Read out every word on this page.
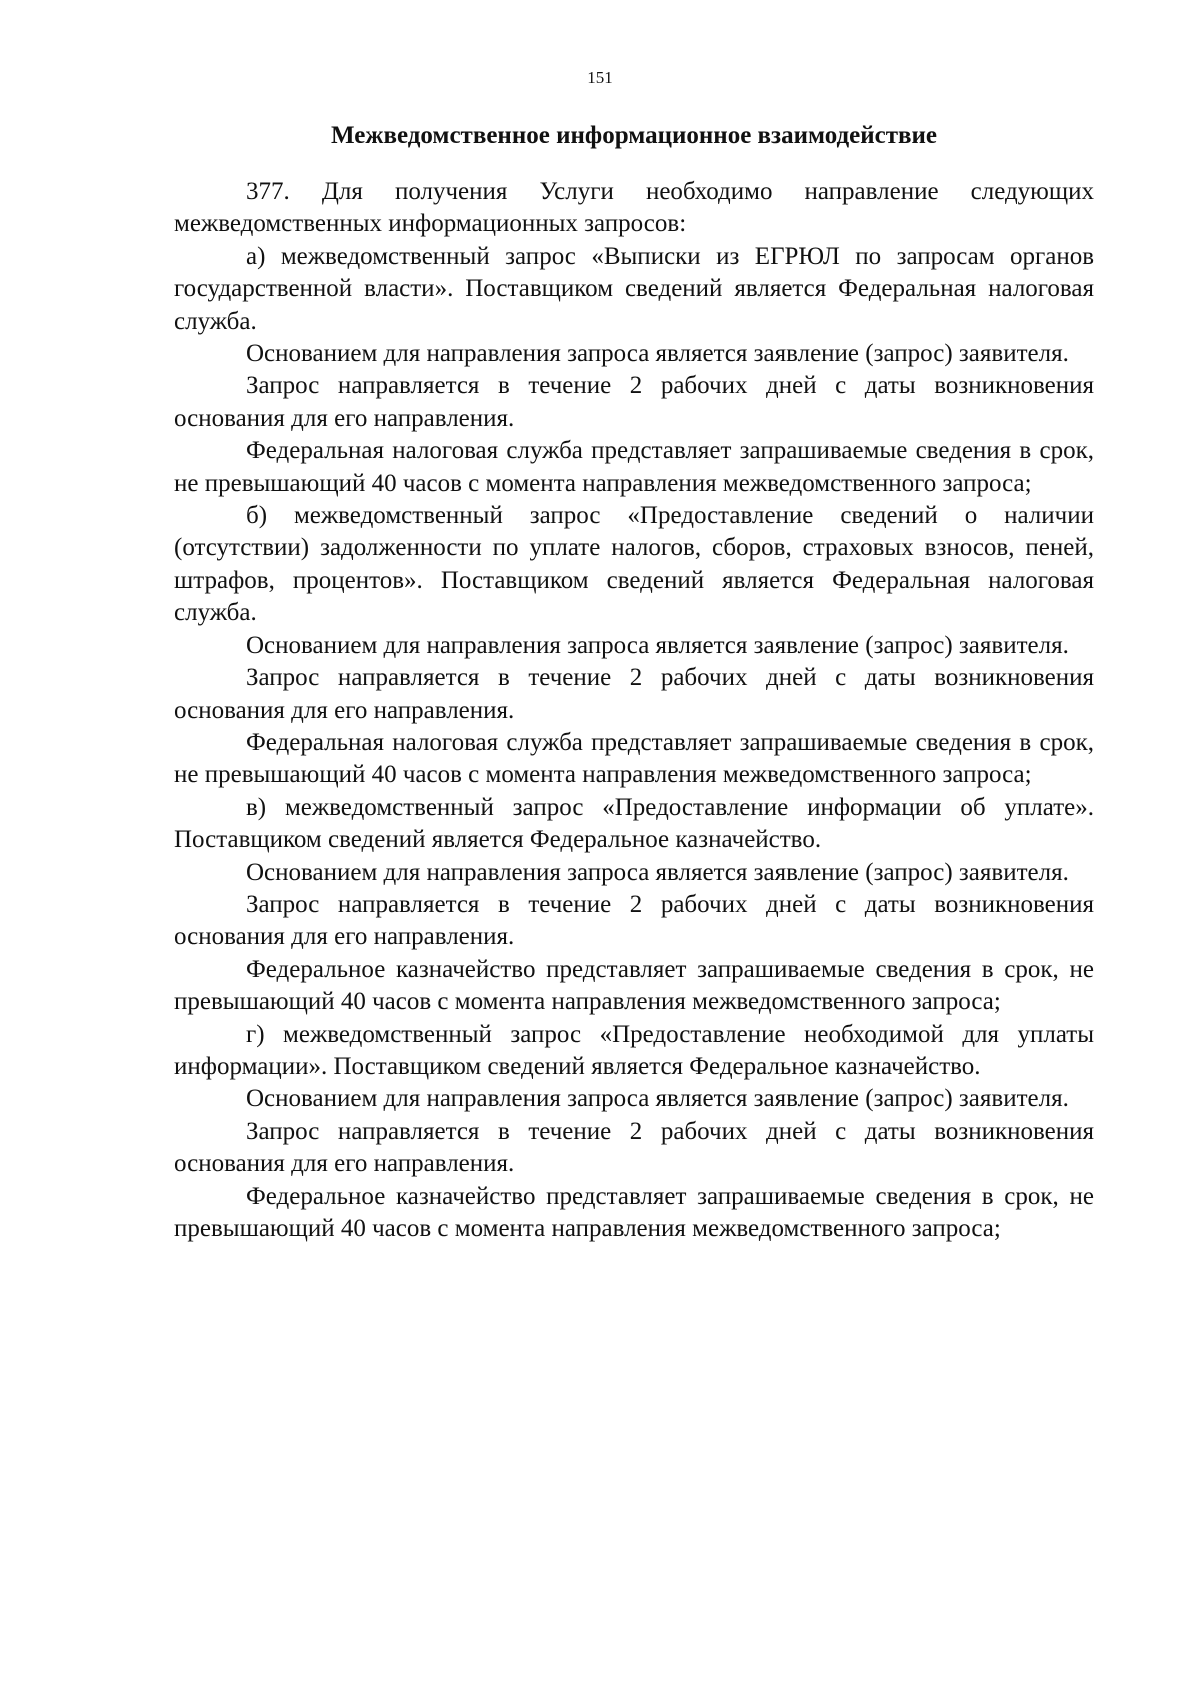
151
Межведомственное информационное взаимодействие

377. Для получения Услуги необходимо направление следующих межведомственных информационных запросов:

а) межведомственный запрос «Выписки из ЕГРЮЛ по запросам органов государственной власти». Поставщиком сведений является Федеральная налоговая служба.

Основанием для направления запроса является заявление (запрос) заявителя.

Запрос направляется в течение 2 рабочих дней с даты возникновения основания для его направления.

Федеральная налоговая служба представляет запрашиваемые сведения в срок, не превышающий 40 часов с момента направления межведомственного запроса;

б) межведомственный запрос «Предоставление сведений о наличии (отсутствии) задолженности по уплате налогов, сборов, страховых взносов, пеней, штрафов, процентов». Поставщиком сведений является Федеральная налоговая служба.

Основанием для направления запроса является заявление (запрос) заявителя.

Запрос направляется в течение 2 рабочих дней с даты возникновения основания для его направления.

Федеральная налоговая служба представляет запрашиваемые сведения в срок, не превышающий 40 часов с момента направления межведомственного запроса;

в) межведомственный запрос «Предоставление информации об уплате». Поставщиком сведений является Федеральное казначейство.

Основанием для направления запроса является заявление (запрос) заявителя.

Запрос направляется в течение 2 рабочих дней с даты возникновения основания для его направления.

Федеральное казначейство представляет запрашиваемые сведения в срок, не превышающий 40 часов с момента направления межведомственного запроса;

г) межведомственный запрос «Предоставление необходимой для уплаты информации». Поставщиком сведений является Федеральное казначейство.

Основанием для направления запроса является заявление (запрос) заявителя.

Запрос направляется в течение 2 рабочих дней с даты возникновения основания для его направления.

Федеральное казначейство представляет запрашиваемые сведения в срок, не превышающий 40 часов с момента направления межведомственного запроса;
